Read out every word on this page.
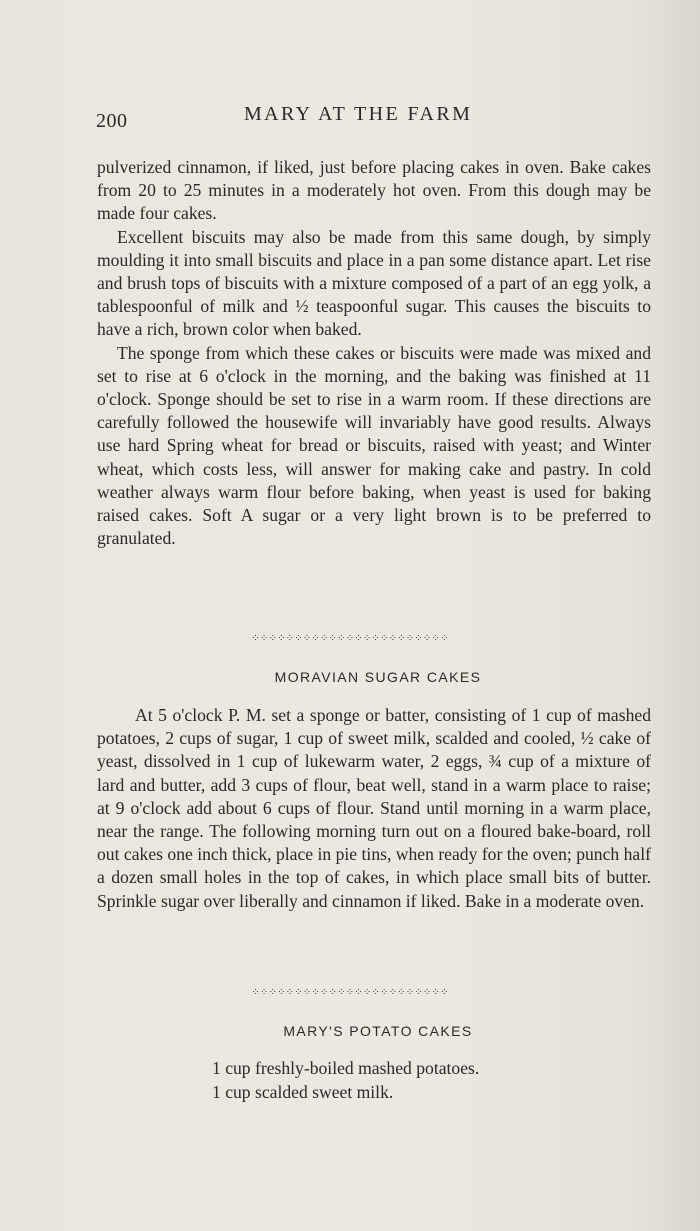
200	MARY AT THE FARM

pulverized cinnamon, if liked, just before placing cakes in oven. Bake cakes from 20 to 25 minutes in a moderately hot oven. From this dough may be made four cakes.

Excellent biscuits may also be made from this same dough, by simply moulding it into small biscuits and place in a pan some distance apart. Let rise and brush tops of biscuits with a mixture composed of a part of an egg yolk, a tablespoonful of milk and ½ teaspoonful sugar. This causes the biscuits to have a rich, brown color when baked.

The sponge from which these cakes or biscuits were made was mixed and set to rise at 6 o'clock in the morning, and the baking was finished at 11 o'clock. Sponge should be set to rise in a warm room. If these directions are carefully followed the housewife will invariably have good results. Always use hard Spring wheat for bread or biscuits, raised with yeast; and Winter wheat, which costs less, will answer for making cake and pastry. In cold weather always warm flour before baking, when yeast is used for baking raised cakes. Soft A sugar or a very light brown is to be preferred to granulated.

⁘⁘⁘⁘⁘⁘⁘⁘⁘⁘⁘⁘⁘⁘⁘⁘⁘⁘⁘⁘⁘⁘⁘
MORAVIAN SUGAR CAKES

At 5 o'clock P. M. set a sponge or batter, consisting of 1 cup of mashed potatoes, 2 cups of sugar, 1 cup of sweet milk, scalded and cooled, ½ cake of yeast, dissolved in 1 cup of lukewarm water, 2 eggs, ¾ cup of a mixture of lard and butter, add 3 cups of flour, beat well, stand in a warm place to raise; at 9 o'clock add about 6 cups of flour. Stand until morning in a warm place, near the range. The following morning turn out on a floured bake-board, roll out cakes one inch thick, place in pie tins, when ready for the oven; punch half a dozen small holes in the top of cakes, in which place small bits of butter. Sprinkle sugar over liberally and cinnamon if liked. Bake in a moderate oven.

⁘⁘⁘⁘⁘⁘⁘⁘⁘⁘⁘⁘⁘⁘⁘⁘⁘⁘⁘⁘⁘⁘⁘
MARY'S POTATO CAKES

1 cup freshly-boiled mashed potatoes.

1 cup scalded sweet milk.
